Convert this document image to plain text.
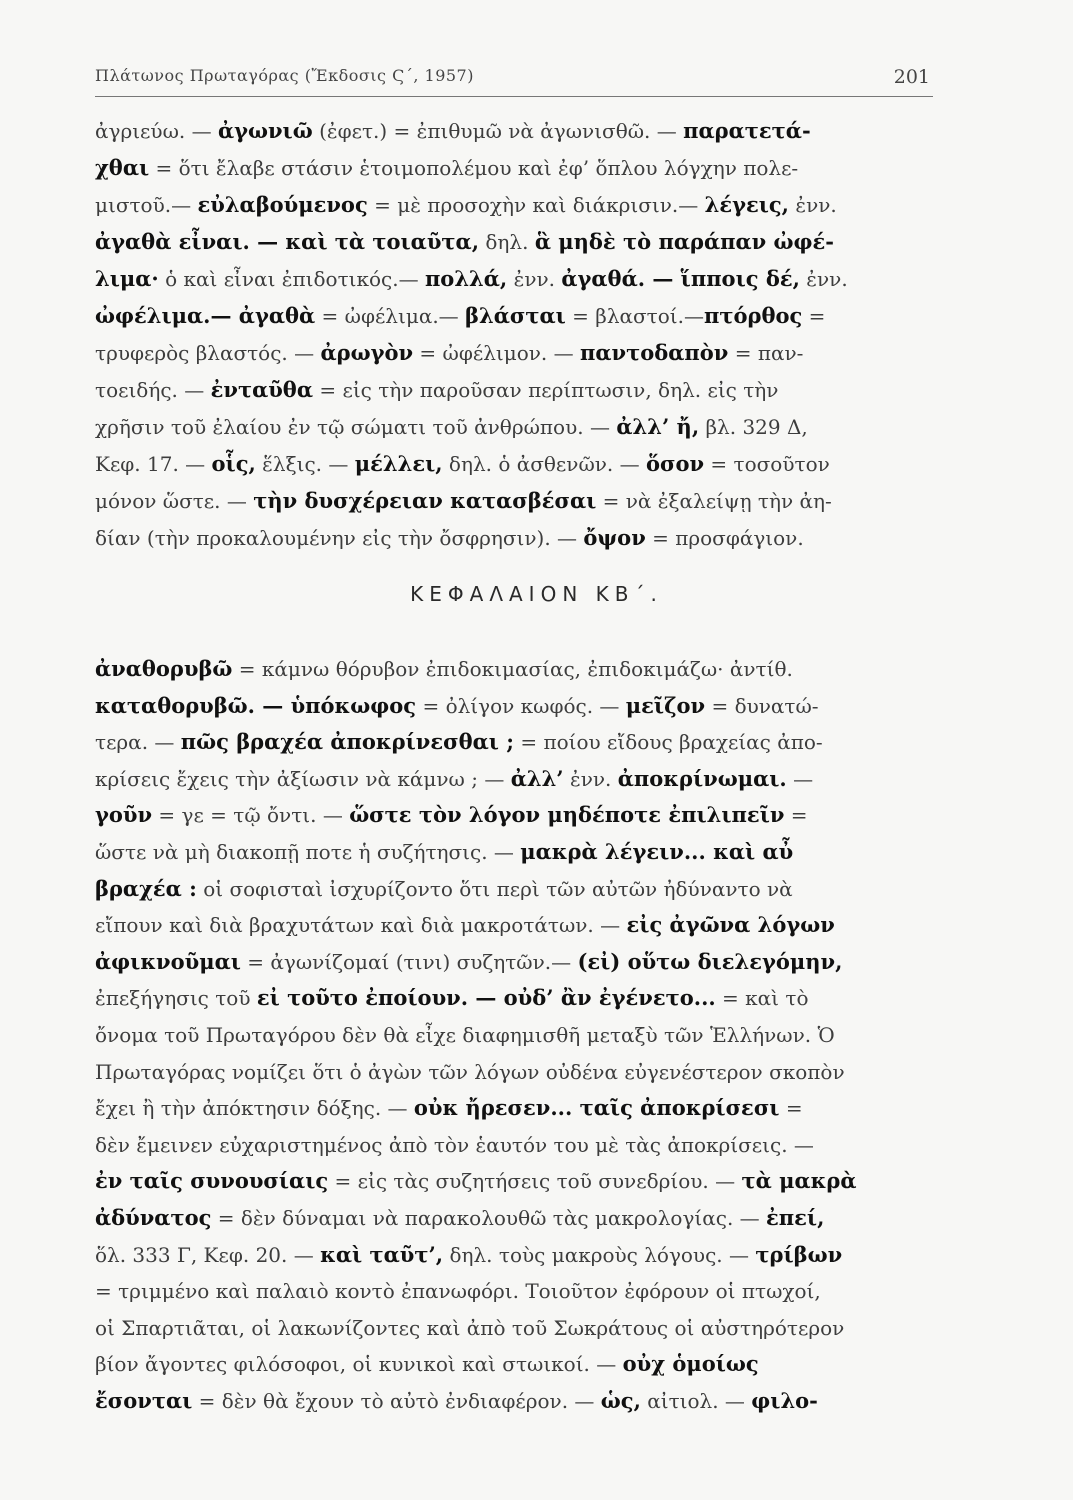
Πλάτωνος Πρωταγόρας (Ἔκδοσις Ϛ΄, 1957)	201
ἀγριεύω. — ἀγωνιῶ (ἐφετ.) = ἐπιθυμῶ νὰ ἀγωνισθῶ. — παρατετά-
χθαι = ὅτι ἔλαβε στάσιν ἑτοιμοπολέμου καὶ ἐφ’ ὅπλου λόγχην πολε-
μιστοῦ.— εὐλαβούμενος = μὲ προσοχὴν καὶ διάκρισιν.— λέγεις, ἐνν.
ἀγαθὰ εἶναι. — καὶ τὰ τοιαῦτα, δηλ. ἃ μηδὲ τὸ παράπαν ὠφέ-
λιμα· ὁ καὶ εἶναι ἐπιδοτικός.— πολλά, ἐνν. ἀγαθά. — ἵπποις δέ, ἐνν.
ὠφέλιμα.— ἀγαθὰ = ὠφέλιμα.— βλάσται = βλαστοί.—πτόρθος =
τρυφερὸς βλαστός. — ἀρωγὸν = ὠφέλιμον. — παντοδαπὸν = παν-
τοειδής. — ἐνταῦθα = εἰς τὴν παροῦσαν περίπτωσιν, δηλ. εἰς τὴν
χρῆσιν τοῦ ἐλαίου ἐν τῷ σώματι τοῦ ἀνθρώπου. — ἀλλ’ ἤ, βλ. 329 Δ,
Κεφ. 17. — οἷς, ἕλξις. — μέλλει, δηλ. ὁ ἀσθενῶν. — ὅσον = τοσοῦτον
μόνον ὥστε. — τὴν δυσχέρειαν κατασβέσαι = νὰ ἐξαλείψῃ τὴν ἀη-
δίαν (τὴν προκαλουμένην εἰς τὴν ὄσφρησιν). — ὄψον = προσφάγιον.
ΚΕΦΑΛΑΙΟΝ ΚΒ΄.
ἀναθορυβῶ = κάμνω θόρυβον ἐπιδοκιμασίας, ἐπιδοκιμάζω· ἀντίθ.
καταθορυβῶ. — ὑπόκωφος = ὀλίγον κωφός. — μεῖζον = δυνατώ-
τερα. — πῶς βραχέα ἀποκρίνεσθαι ; = ποίου εἴδους βραχείας ἀπο-
κρίσεις ἔχεις τὴν ἀξίωσιν νὰ κάμνω ; — ἀλλ’ ἐνν. ἀποκρίνωμαι. —
γοῦν = γε = τῷ ὄντι. — ὥστε τὸν λόγον μηδέποτε ἐπιλιπεῖν =
ὥστε νὰ μὴ διακοπῇ ποτε ἡ συζήτησις. — μακρὰ λέγειν... καὶ αὖ
βραχέα : οἱ σοφισταὶ ἰσχυρίζοντο ὅτι περὶ τῶν αὐτῶν ἠδύναντο νὰ
εἴπουν καὶ διὰ βραχυτάτων καὶ διὰ μακροτάτων. — εἰς ἀγῶνα λόγων
ἀφικνοῦμαι = ἀγωνίζομαί (τινι) συζητῶν.— (εἰ) οὕτω διελεγόμην,
ἐπεξήγησις τοῦ εἰ τοῦτο ἐποίουν. — οὐδ’ ἂν ἐγένετο... = καὶ τὸ
ὄνομα τοῦ Πρωταγόρου δὲν θὰ εἶχε διαφημισθῆ μεταξὺ τῶν Ἑλλήνων. Ὁ
Πρωταγόρας νομίζει ὅτι ὁ ἀγὼν τῶν λόγων οὐδένα εὐγενέστερον σκοπὸν
ἔχει ἢ τὴν ἀπόκτησιν δόξης. — οὐκ ἤρεσεν... ταῖς ἀποκρίσεσι =
δὲν ἔμεινεν εὐχαριστημένος ἀπὸ τὸν ἑαυτόν του μὲ τὰς ἀποκρίσεις. —
ἐν ταῖς συνουσίαις = εἰς τὰς συζητήσεις τοῦ συνεδρίου. — τὰ μακρὰ
ἀδύνατος = δὲν δύναμαι νὰ παρακολουθῶ τὰς μακρολογίας. — ἐπεί,
ὅλ. 333 Γ, Κεφ. 20. — καὶ ταῦτ’, δηλ. τοὺς μακροὺς λόγους. — τρίβων
= τριμμένο καὶ παλαιὸ κοντὸ ἐπανωφόρι. Τοιοῦτον ἐφόρουν οἱ πτωχοί,
οἱ Σπαρτιᾶται, οἱ λακωνίζοντες καὶ ἀπὸ τοῦ Σωκράτους οἱ αὐστηρότερον
βίον ἄγοντες φιλόσοφοι, οἱ κυνικοὶ καὶ στωικοί. — οὐχ ὁμοίως
ἔσονται = δὲν θὰ ἔχουν τὸ αὐτὸ ἐνδιαφέρον. — ὡς, αἰτιολ. — φιλο-
